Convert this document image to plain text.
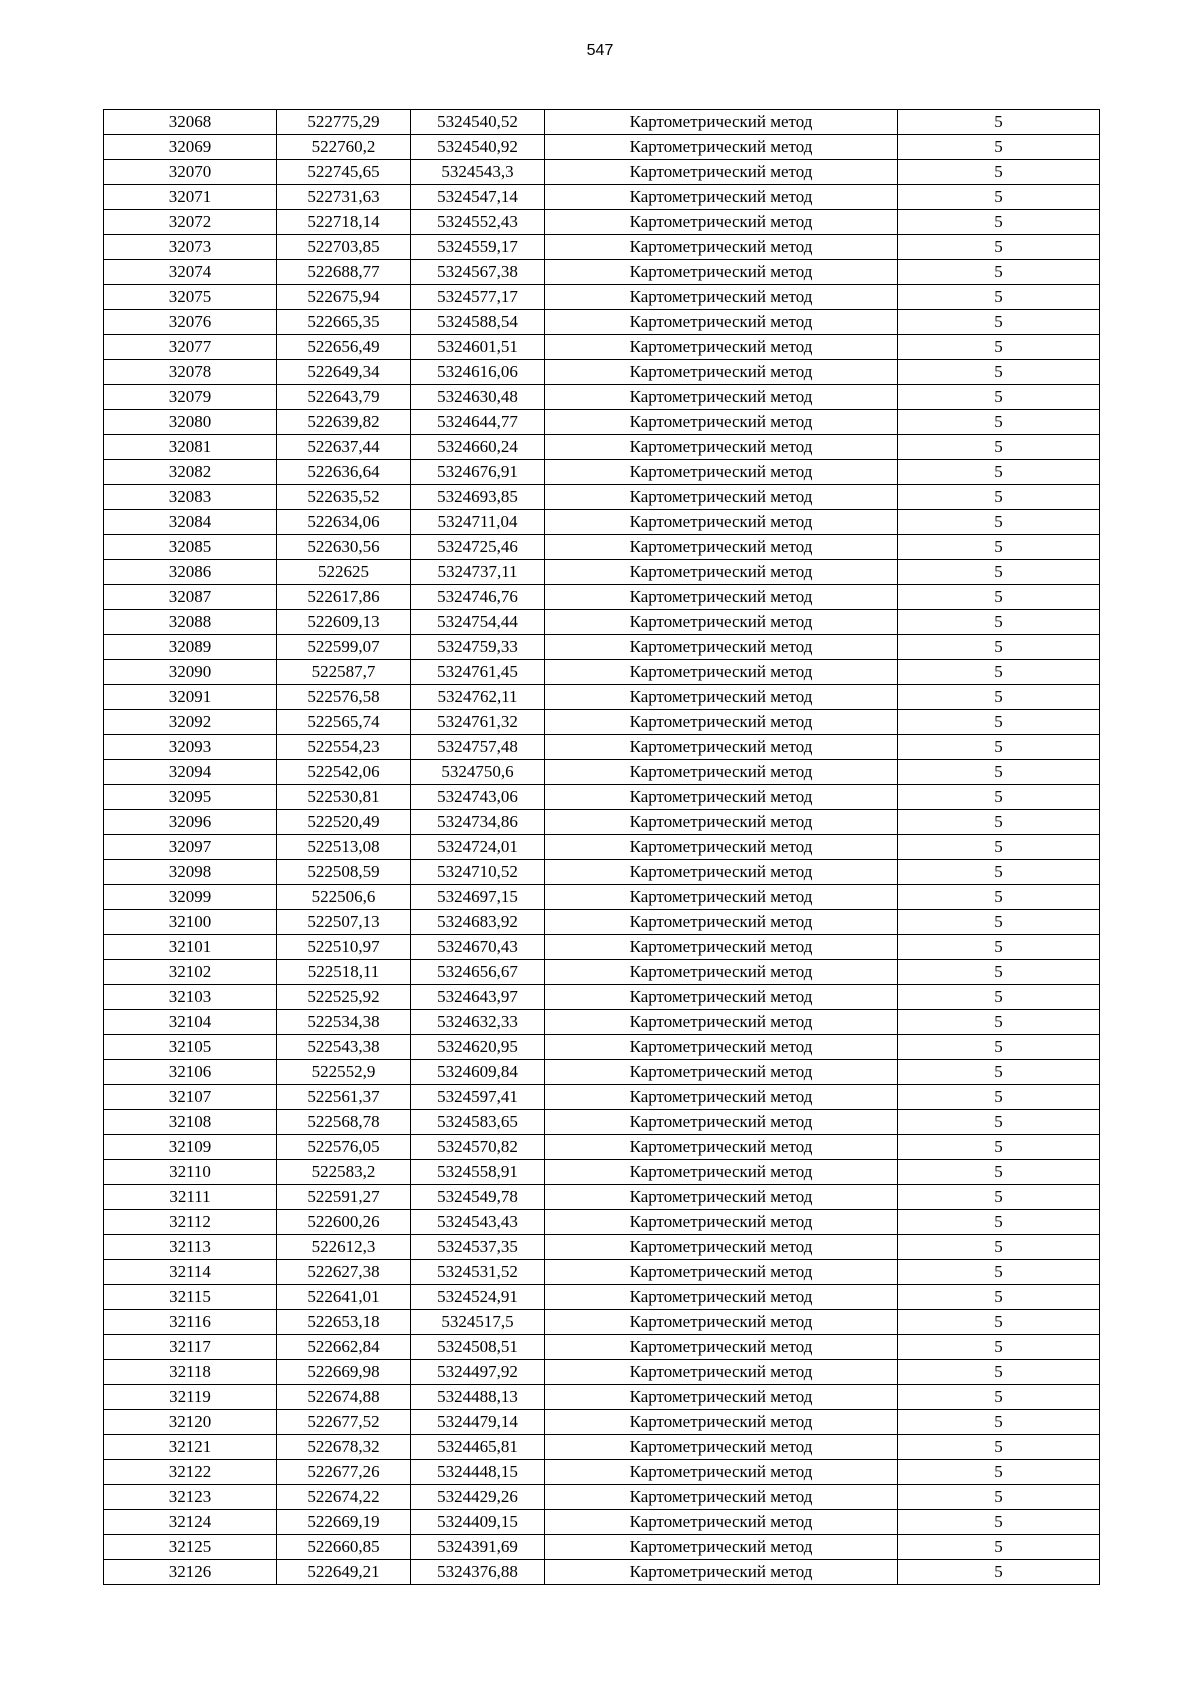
547
32068	522775,29	5324540,52	Картометрический метод	5
32069	522760,2	5324540,92	Картометрический метод	5
32070	522745,65	5324543,3	Картометрический метод	5
32071	522731,63	5324547,14	Картометрический метод	5
32072	522718,14	5324552,43	Картометрический метод	5
32073	522703,85	5324559,17	Картометрический метод	5
32074	522688,77	5324567,38	Картометрический метод	5
32075	522675,94	5324577,17	Картометрический метод	5
32076	522665,35	5324588,54	Картометрический метод	5
32077	522656,49	5324601,51	Картометрический метод	5
32078	522649,34	5324616,06	Картометрический метод	5
32079	522643,79	5324630,48	Картометрический метод	5
32080	522639,82	5324644,77	Картометрический метод	5
32081	522637,44	5324660,24	Картометрический метод	5
32082	522636,64	5324676,91	Картометрический метод	5
32083	522635,52	5324693,85	Картометрический метод	5
32084	522634,06	5324711,04	Картометрический метод	5
32085	522630,56	5324725,46	Картометрический метод	5
32086	522625	5324737,11	Картометрический метод	5
32087	522617,86	5324746,76	Картометрический метод	5
32088	522609,13	5324754,44	Картометрический метод	5
32089	522599,07	5324759,33	Картометрический метод	5
32090	522587,7	5324761,45	Картометрический метод	5
32091	522576,58	5324762,11	Картометрический метод	5
32092	522565,74	5324761,32	Картометрический метод	5
32093	522554,23	5324757,48	Картометрический метод	5
32094	522542,06	5324750,6	Картометрический метод	5
32095	522530,81	5324743,06	Картометрический метод	5
32096	522520,49	5324734,86	Картометрический метод	5
32097	522513,08	5324724,01	Картометрический метод	5
32098	522508,59	5324710,52	Картометрический метод	5
32099	522506,6	5324697,15	Картометрический метод	5
32100	522507,13	5324683,92	Картометрический метод	5
32101	522510,97	5324670,43	Картометрический метод	5
32102	522518,11	5324656,67	Картометрический метод	5
32103	522525,92	5324643,97	Картометрический метод	5
32104	522534,38	5324632,33	Картометрический метод	5
32105	522543,38	5324620,95	Картометрический метод	5
32106	522552,9	5324609,84	Картометрический метод	5
32107	522561,37	5324597,41	Картометрический метод	5
32108	522568,78	5324583,65	Картометрический метод	5
32109	522576,05	5324570,82	Картометрический метод	5
32110	522583,2	5324558,91	Картометрический метод	5
32111	522591,27	5324549,78	Картометрический метод	5
32112	522600,26	5324543,43	Картометрический метод	5
32113	522612,3	5324537,35	Картометрический метод	5
32114	522627,38	5324531,52	Картометрический метод	5
32115	522641,01	5324524,91	Картометрический метод	5
32116	522653,18	5324517,5	Картометрический метод	5
32117	522662,84	5324508,51	Картометрический метод	5
32118	522669,98	5324497,92	Картометрический метод	5
32119	522674,88	5324488,13	Картометрический метод	5
32120	522677,52	5324479,14	Картометрический метод	5
32121	522678,32	5324465,81	Картометрический метод	5
32122	522677,26	5324448,15	Картометрический метод	5
32123	522674,22	5324429,26	Картометрический метод	5
32124	522669,19	5324409,15	Картометрический метод	5
32125	522660,85	5324391,69	Картометрический метод	5
32126	522649,21	5324376,88	Картометрический метод	5
